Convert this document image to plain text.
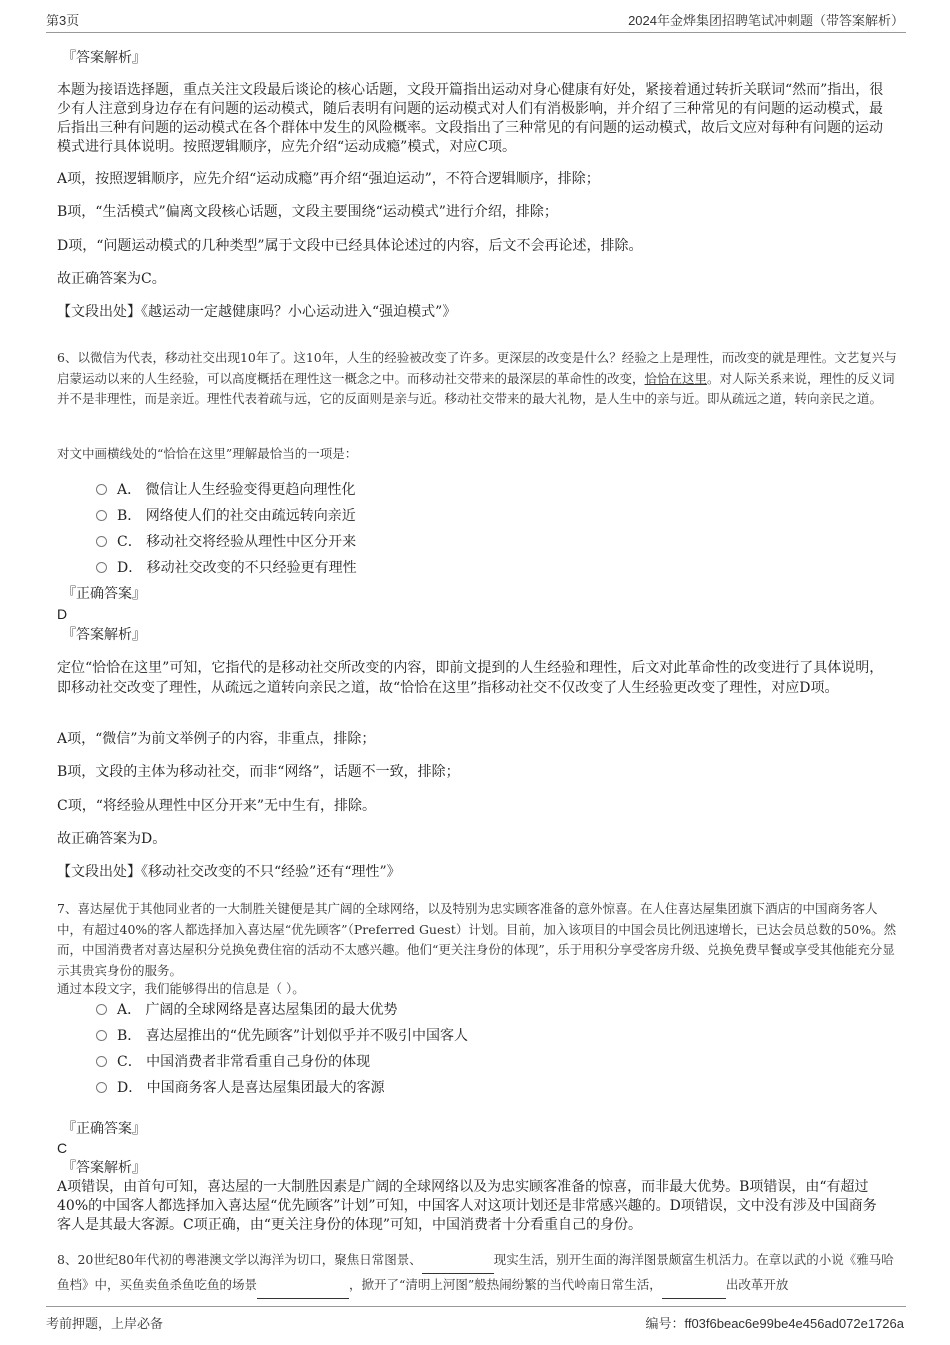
第3页	2024年金烨集团招聘笔试冲刺题（带答案解析）
『答案解析』
本题为接语选择题，重点关注文段最后谈论的核心话题，文段开篇指出运动对身心健康有好处，紧接着通过转折关联词“然而”指出，很少有人注意到身边存在有问题的运动模式，随后表明有问题的运动模式对人们有消极影响，并介绍了三种常见的有问题的运动模式，最后指出三种有问题的运动模式在各个群体中发生的风险概率。文段指出了三种常见的有问题的运动模式，故后文应对每种有问题的运动模式进行具体说明。按照逻辑顺序，应先介绍“运动成瘾”模式，对应C项。
A项，按照逻辑顺序，应先介绍“运动成瘾”再介绍“强迫运动”，不符合逻辑顺序，排除；
B项，“生活模式”偏离文段核心话题，文段主要围绕“运动模式”进行介绍，排除；
D项，“问题运动模式的几种类型”属于文段中已经具体论述过的内容，后文不会再论述，排除。
故正确答案为C。
【文段出处】《越运动一定越健康吗？小心运动进入“强迫模式”》
6、以微信为代表，移动社交出现10年了。这10年，人生的经验被改变了许多。更深层的改变是什么？经验之上是理性，而改变的就是理性。文艺复兴与启蒙运动以来的人生经验，可以高度概括在理性这一概念之中。而移动社交带来的最深层的革命性的改变，恰恰在这里。对人际关系来说，理性的反义词并不是非理性，而是亲近。理性代表着疏与远，它的反面则是亲与近。移动社交带来的最大礼物，是人生中的亲与近。即从疏远之道，转向亲民之道。
对文中画横线处的“恰恰在这里”理解最恰当的一项是：
A． 微信让人生经验变得更趋向理性化
B． 网络使人们的社交由疏远转向亲近
C． 移动社交将经验从理性中区分开来
D． 移动社交改变的不只经验更有理性
『正确答案』
D
『答案解析』
定位“恰恰在这里”可知，它指代的是移动社交所改变的内容，即前文提到的人生经验和理性，后文对此革命性的改变进行了具体说明，即移动社交改变了理性，从疏远之道转向亲民之道，故“恰恰在这里”指移动社交不仅改变了人生经验更改变了理性，对应D项。
A项，“微信”为前文举例子的内容，非重点，排除；
B项，文段的主体为移动社交，而非“网络”，话题不一致，排除；
C项，“将经验从理性中区分开来”无中生有，排除。
故正确答案为D。
【文段出处】《移动社交改变的不只“经验”还有“理性”》
7、喜达屋优于其他同业者的一大制胜关键便是其广阔的全球网络，以及特别为忠实顾客准备的意外惊喜。在人住喜达屋集团旗下酒店的中国商务客人中，有超过40%的客人都选择加入喜达屋“优先顾客”（Preferred Guest）计划。目前，加入该项目的中国会员比例迅速增长，已达会员总数的50%。然而，中国消费者对喜达屋积分兑换免费住宿的活动不太感兴趣。他们“更关注身份的体现”，乐于用积分享受客房升级、兑换免费早餐或享受其他能充分显示其贵宾身份的服务。
通过本段文字，我们能够得出的信息是（ ）。
A． 广阔的全球网络是喜达屋集团的最大优势
B． 喜达屋推出的“优先顾客”计划似乎并不吸引中国客人
C． 中国消费者非常看重自己身份的体现
D． 中国商务客人是喜达屋集团最大的客源
『正确答案』
C
『答案解析』
A项错误，由首句可知，喜达屋的一大制胜因素是广阔的全球网络以及为忠实顾客准备的惊喜，而非最大优势。B项错误，由“有超过40%的中国客人都选择加入喜达屋“优先顾客”计划”可知，中国客人对这项计划还是非常感兴趣的。D项错误，文中没有涉及中国商务客人是其最大客源。C项正确，由“更关注身份的体现”可知，中国消费者十分看重自己的身份。
8、20世纪80年代初的粤港澳文学以海洋为切口，聚焦日常图景、	现实生活，别开生面的海洋图景颇富生机活力。在章以武的小说《雅马哈鱼档》中，买鱼卖鱼杀鱼吃鱼的场景	，掀开了“清明上河图”般热闹纷繁的当代岭南日常生活，	出改革开放
考前押题，上岸必备	编号：ff03f6beac6e99be4e456ad072e1726a
